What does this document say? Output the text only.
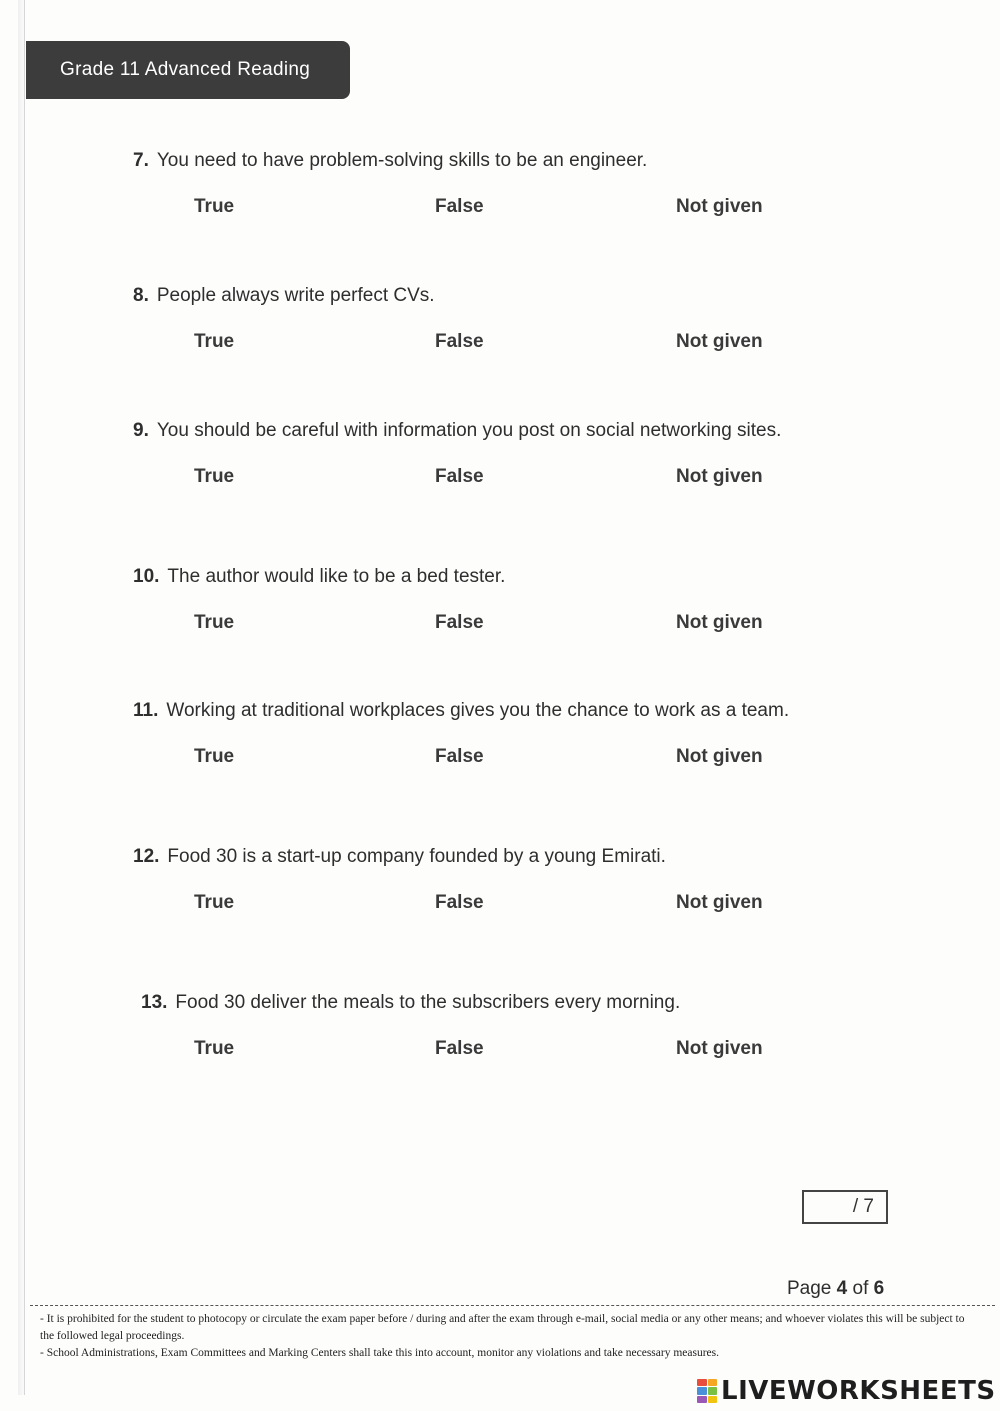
Grade 11 Advanced Reading
7. You need to have problem-solving skills to be an engineer.
True	False	Not given
8. People always write perfect CVs.
True	False	Not given
9. You should be careful with information you post on social networking sites.
True	False	Not given
10. The author would like to be a bed tester.
True	False	Not given
11. Working at traditional workplaces gives you the chance to work as a team.
True	False	Not given
12. Food 30 is a start-up company founded by a young Emirati.
True	False	Not given
13. Food 30 deliver the meals to the subscribers every morning.
True	False	Not given
/ 7
Page 4 of 6

- It is prohibited for the student to photocopy or circulate the exam paper before / during and after the exam through e-mail, social media or any other means; and whoever violates this will be subject to the followed legal proceedings.

- School Administrations, Exam Committees and Marking Centers shall take this into account, monitor any violations and take necessary measures.

LIVEWORKSHEETS
